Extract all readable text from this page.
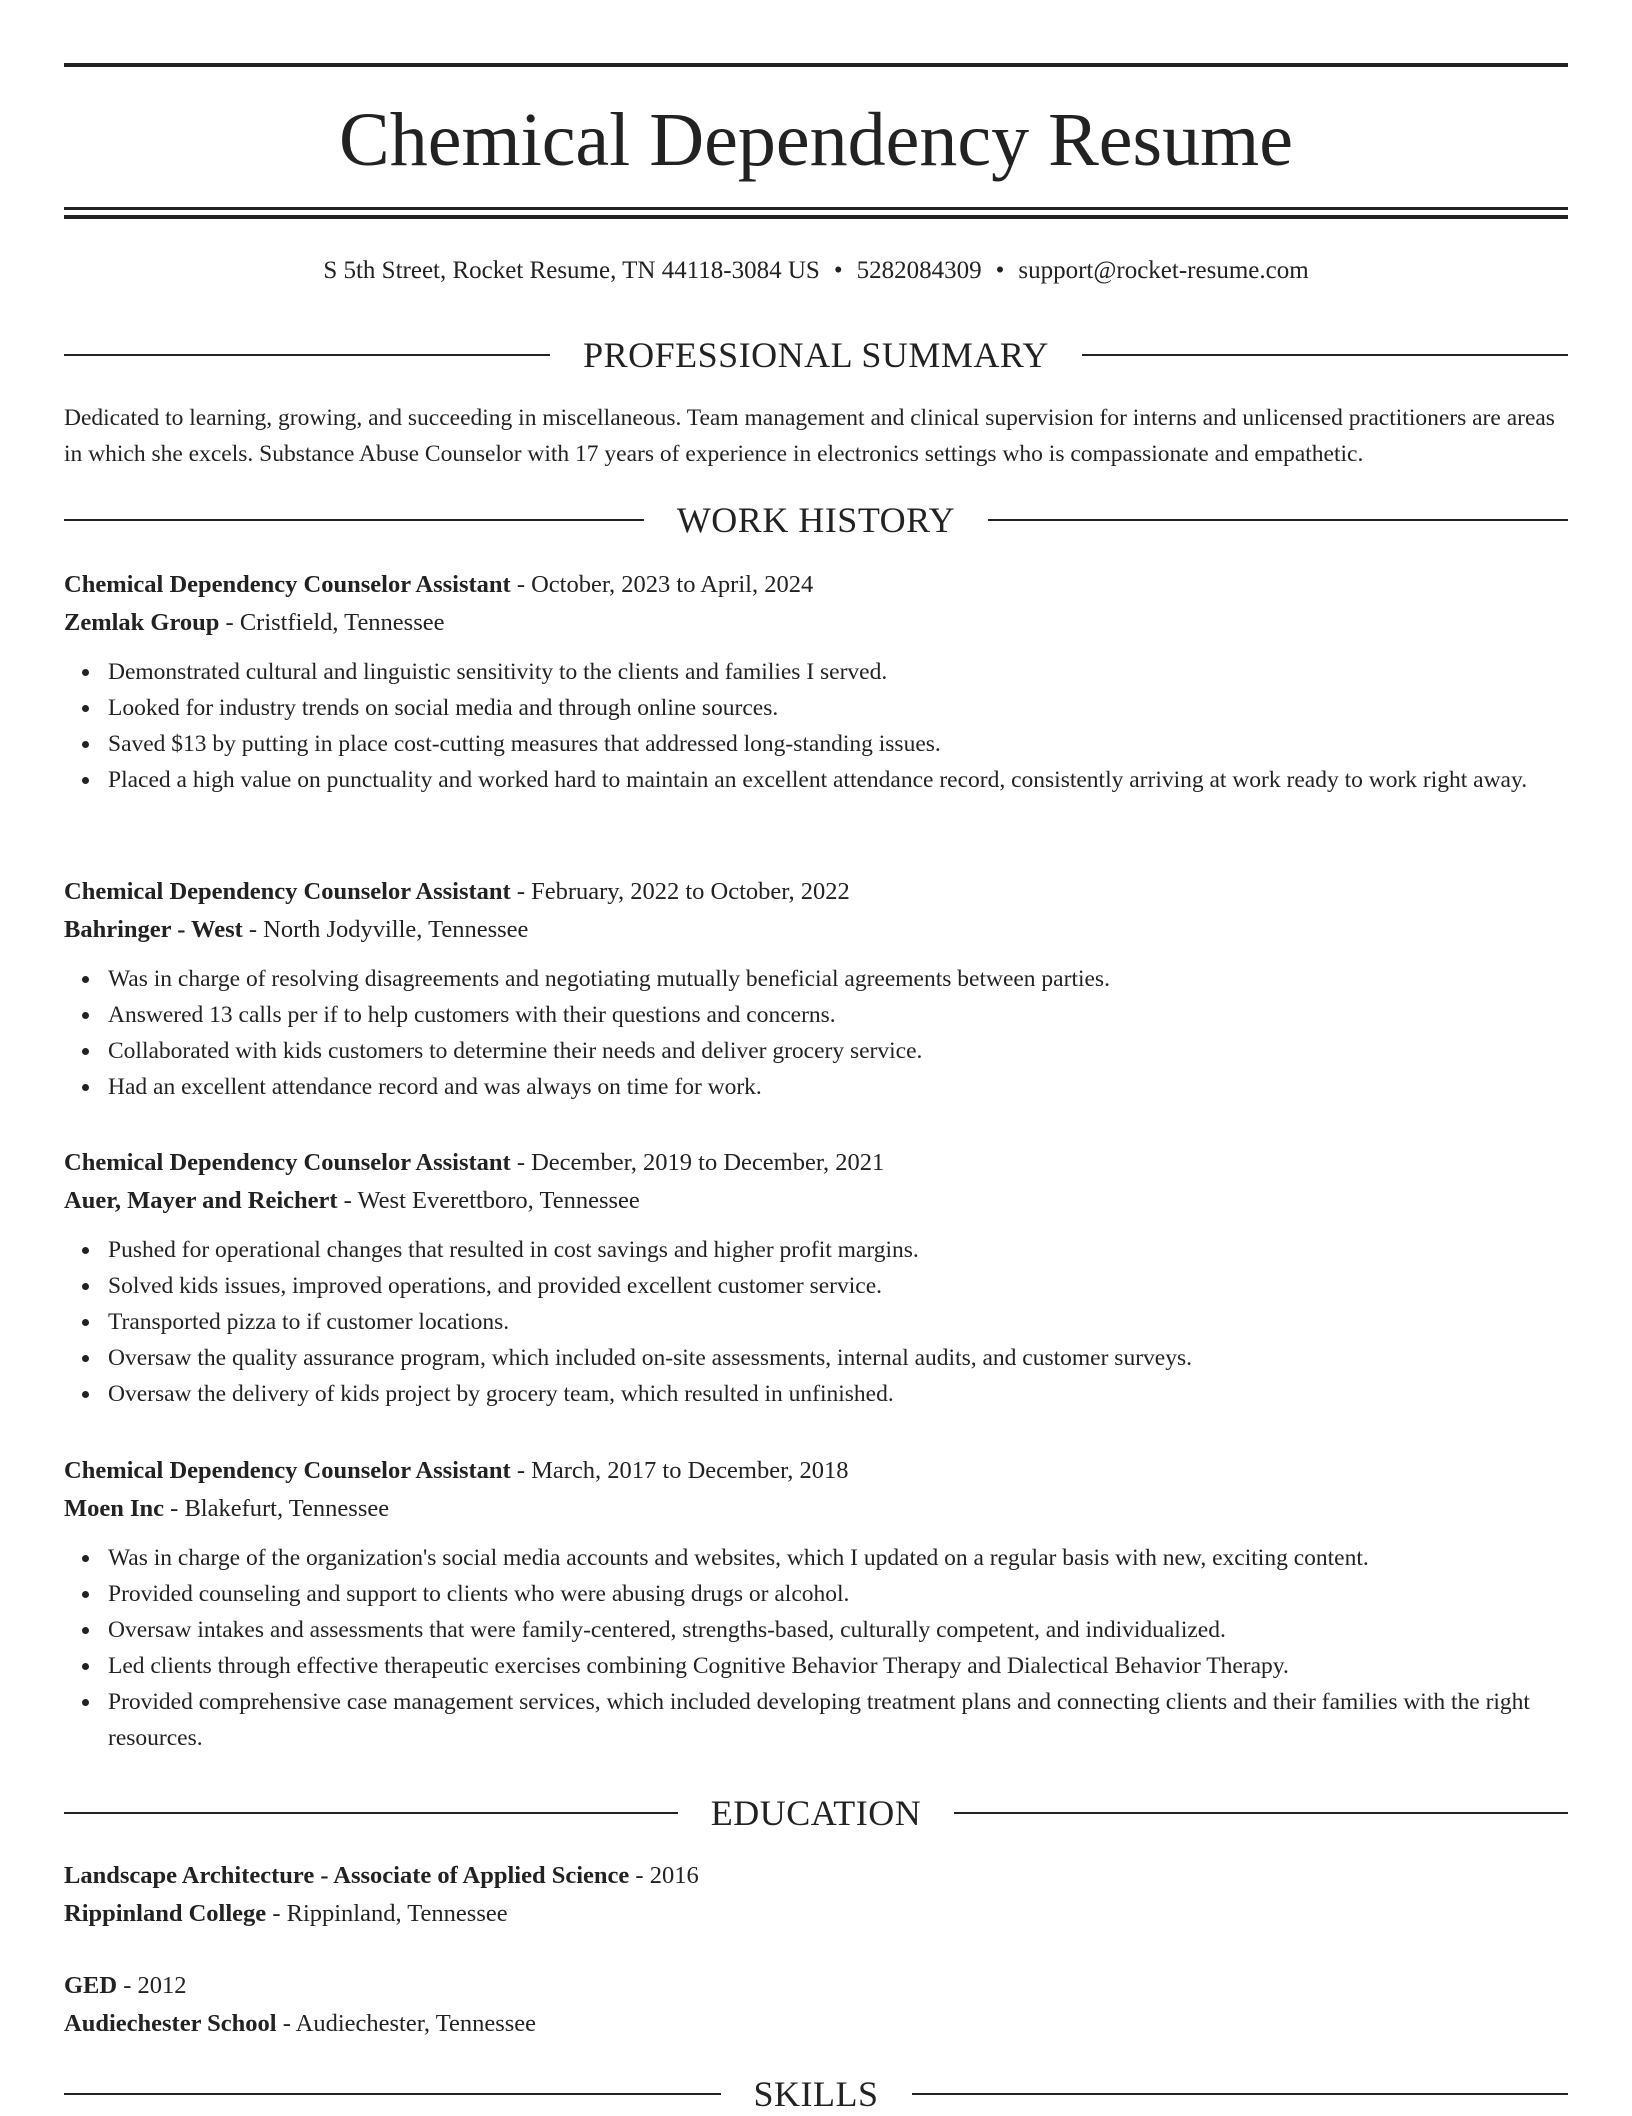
Chemical Dependency Resume
S 5th Street, Rocket Resume, TN 44118-3084 US • 5282084309 • support@rocket-resume.com
PROFESSIONAL SUMMARY

Dedicated to learning, growing, and succeeding in miscellaneous. Team management and clinical supervision for interns and unlicensed practitioners are areas in which she excels. Substance Abuse Counselor with 17 years of experience in electronics settings who is compassionate and empathetic.

WORK HISTORY
Chemical Dependency Counselor Assistant - October, 2023 to April, 2024
Zemlak Group - Cristfield, Tennessee
Demonstrated cultural and linguistic sensitivity to the clients and families I served.
Looked for industry trends on social media and through online sources.
Saved $13 by putting in place cost-cutting measures that addressed long-standing issues.
Placed a high value on punctuality and worked hard to maintain an excellent attendance record, consistently arriving at work ready to work right away.
Chemical Dependency Counselor Assistant - February, 2022 to October, 2022
Bahringer - West - North Jodyville, Tennessee
Was in charge of resolving disagreements and negotiating mutually beneficial agreements between parties.
Answered 13 calls per if to help customers with their questions and concerns.
Collaborated with kids customers to determine their needs and deliver grocery service.
Had an excellent attendance record and was always on time for work.
Chemical Dependency Counselor Assistant - December, 2019 to December, 2021
Auer, Mayer and Reichert - West Everettboro, Tennessee
Pushed for operational changes that resulted in cost savings and higher profit margins.
Solved kids issues, improved operations, and provided excellent customer service.
Transported pizza to if customer locations.
Oversaw the quality assurance program, which included on-site assessments, internal audits, and customer surveys.
Oversaw the delivery of kids project by grocery team, which resulted in unfinished.
Chemical Dependency Counselor Assistant - March, 2017 to December, 2018
Moen Inc - Blakefurt, Tennessee
Was in charge of the organization's social media accounts and websites, which I updated on a regular basis with new, exciting content.
Provided counseling and support to clients who were abusing drugs or alcohol.
Oversaw intakes and assessments that were family-centered, strengths-based, culturally competent, and individualized.
Led clients through effective therapeutic exercises combining Cognitive Behavior Therapy and Dialectical Behavior Therapy.
Provided comprehensive case management services, which included developing treatment plans and connecting clients and their families with the right resources.
EDUCATION
Landscape Architecture - Associate of Applied Science - 2016
Rippinland College - Rippinland, Tennessee
GED - 2012
Audiechester School - Audiechester, Tennessee
SKILLS
